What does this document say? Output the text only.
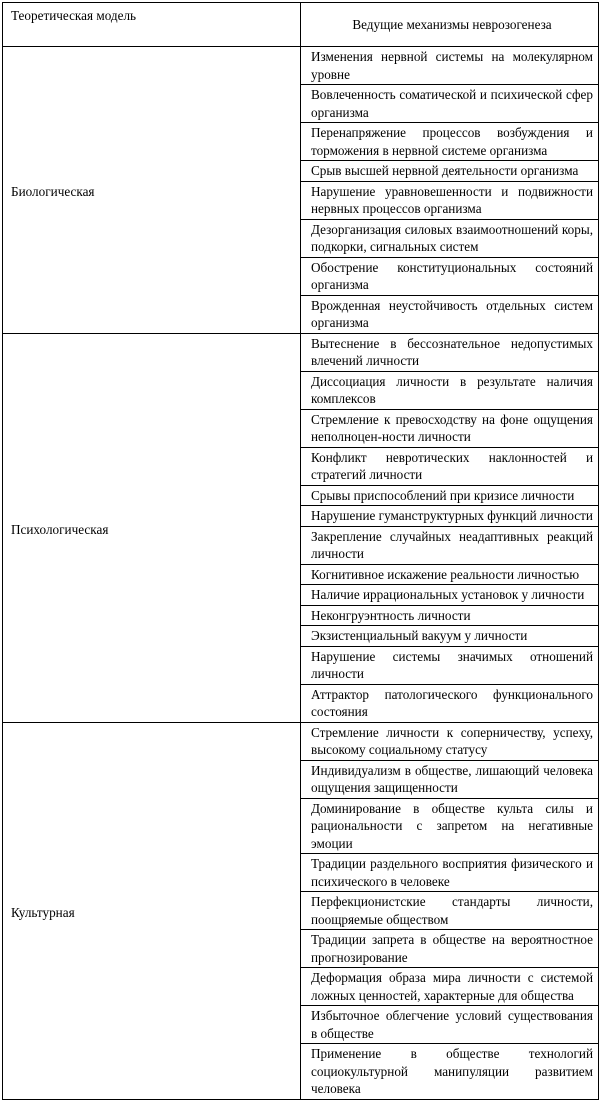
Теоретическая модель	Ведущие механизмы неврозогенеза
Биологическая	Изменения нервной системы на молекулярном уровне
	Вовлеченность соматической и психической сфер организма
	Перенапряжение процессов возбуждения и торможения в нервной системе организма
	Срыв высшей нервной деятельности организма
	Нарушение уравновешенности и подвижности нервных процессов организма
	Дезорганизация силовых взаимоотношений коры, подкорки, сигнальных систем
	Обострение конституциональных состояний организма
	Врожденная неустойчивость отдельных систем организма
Психологическая	Вытеснение в бессознательное недопустимых влечений личности
	Диссоциация личности в результате наличия комплексов
	Стремление к превосходству на фоне ощущения неполноцен-ности личности
	Конфликт невротических наклонностей и стратегий личности
	Срывы приспособлений при кризисе личности
	Нарушение гуманструктурных функций личности
	Закрепление случайных неадаптивных реакций личности
	Когнитивное искажение реальности личностью
	Наличие иррациональных установок у личности
	Неконгруэнтность личности
	Экзистенциальный вакуум у личности
	Нарушение системы значимых отношений личности
	Аттрактор патологического функционального состояния
Культурная	Стремление личности к соперничеству, успеху, высокому социальному статусу
	Индивидуализм в обществе, лишающий человека ощущения защищенности
	Доминирование в обществе культа силы и рациональности с запретом на негативные эмоции
	Традиции раздельного восприятия физического и психического в человеке
	Перфекционистские стандарты личности, поощряемые обществом
	Традиции запрета в обществе на вероятностное прогнозирование
	Деформация образа мира личности с системой ложных ценностей, характерные для общества
	Избыточное облегчение условий существования в обществе
	Применение в обществе технологий социокультурной манипуляции развитием человека
